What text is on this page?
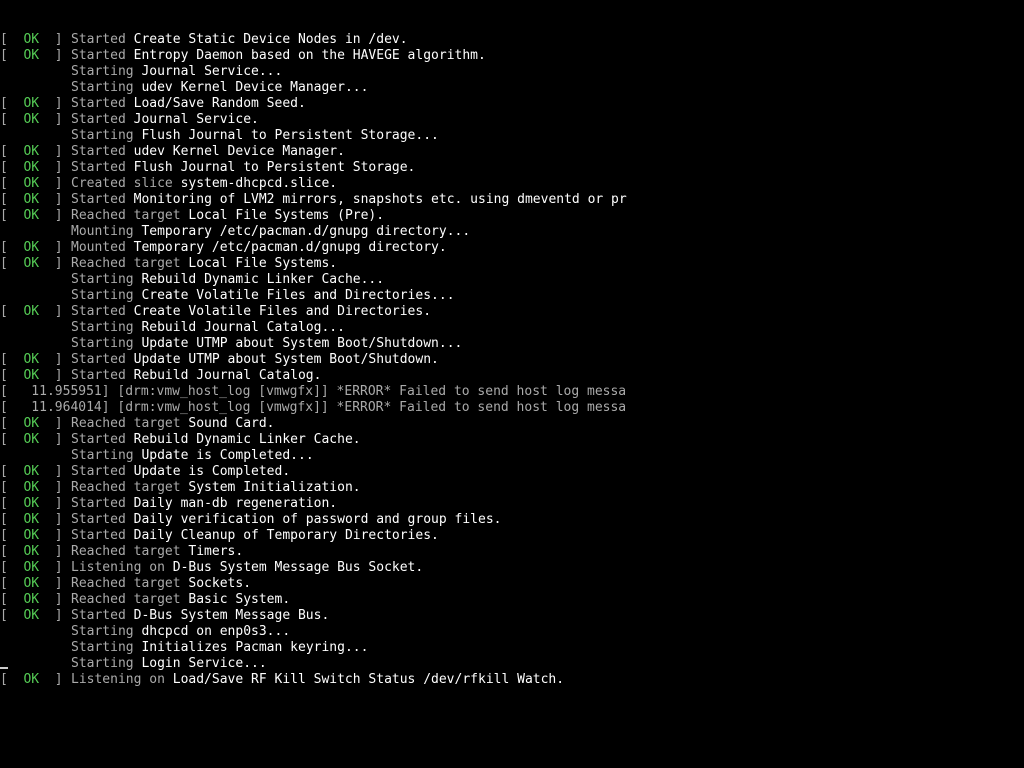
[ OK ] Started Create Static Device Nodes in /dev.
[ OK ] Started Entropy Daemon based on the HAVEGE algorithm.
Starting Journal Service...
Starting udev Kernel Device Manager...
[ OK ] Started Load/Save Random Seed.
[ OK ] Started Journal Service.
Starting Flush Journal to Persistent Storage...
[ OK ] Started udev Kernel Device Manager.
[ OK ] Started Flush Journal to Persistent Storage.
[ OK ] Created slice system-dhcpcd.slice.
[ OK ] Started Monitoring of LVM2 mirrors, snapshots etc. using dmeventd or pr
[ OK ] Reached target Local File Systems (Pre).
Mounting Temporary /etc/pacman.d/gnupg directory...
[ OK ] Mounted Temporary /etc/pacman.d/gnupg directory.
[ OK ] Reached target Local File Systems.
Starting Rebuild Dynamic Linker Cache...
Starting Create Volatile Files and Directories...
[ OK ] Started Create Volatile Files and Directories.
Starting Rebuild Journal Catalog...
Starting Update UTMP about System Boot/Shutdown...
[ OK ] Started Update UTMP about System Boot/Shutdown.
[ OK ] Started Rebuild Journal Catalog.
[   11.955951] [drm:vmw_host_log [vmwgfx]] *ERROR* Failed to send host log messa
[   11.964014] [drm:vmw_host_log [vmwgfx]] *ERROR* Failed to send host log messa
[ OK ] Reached target Sound Card.
[ OK ] Started Rebuild Dynamic Linker Cache.
Starting Update is Completed...
[ OK ] Started Update is Completed.
[ OK ] Reached target System Initialization.
[ OK ] Started Daily man-db regeneration.
[ OK ] Started Daily verification of password and group files.
[ OK ] Started Daily Cleanup of Temporary Directories.
[ OK ] Reached target Timers.
[ OK ] Listening on D-Bus System Message Bus Socket.
[ OK ] Reached target Sockets.
[ OK ] Reached target Basic System.
[ OK ] Started D-Bus System Message Bus.
Starting dhcpcd on enp0s3...
Starting Initializes Pacman keyring...
Starting Login Service...
[ OK ] Listening on Load/Save RF Kill Switch Status /dev/rfkill Watch.
